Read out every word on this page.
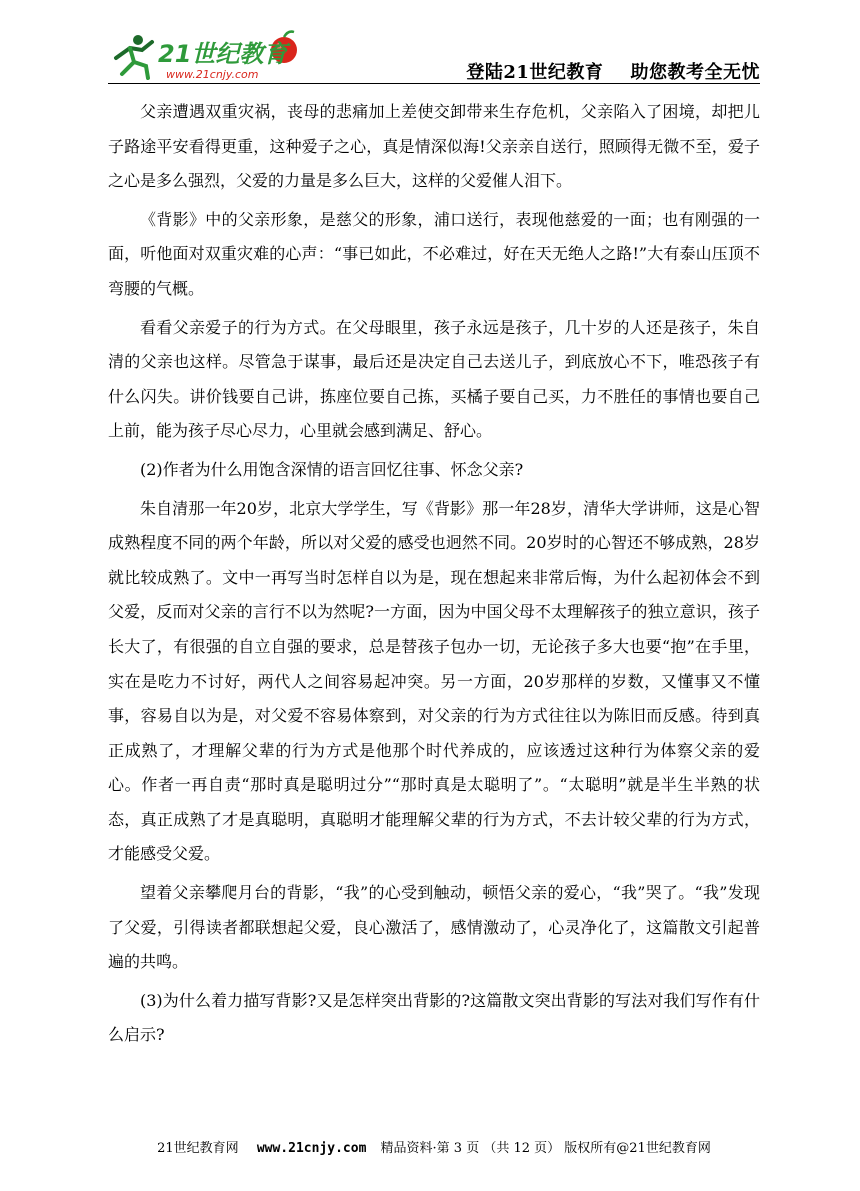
21世纪教育
www.21cnjy.com	登陆21世纪教育    助您教考全无忧

父亲遭遇双重灾祸，丧母的悲痛加上差使交卸带来生存危机，父亲陷入了困境，却把儿子路途平安看得更重，这种爱子之心，真是情深似海!父亲亲自送行，照顾得无微不至，爱子之心是多么强烈，父爱的力量是多么巨大，这样的父爱催人泪下。

《背影》中的父亲形象，是慈父的形象，浦口送行，表现他慈爱的一面；也有刚强的一面，听他面对双重灾难的心声：“事已如此，不必难过，好在天无绝人之路!”大有泰山压顶不弯腰的气概。

看看父亲爱子的行为方式。在父母眼里，孩子永远是孩子，几十岁的人还是孩子，朱自清的父亲也这样。尽管急于谋事，最后还是决定自己去送儿子，到底放心不下，唯恐孩子有什么闪失。讲价钱要自己讲，拣座位要自己拣，买橘子要自己买，力不胜任的事情也要自己上前，能为孩子尽心尽力，心里就会感到满足、舒心。

(2)作者为什么用饱含深情的语言回忆往事、怀念父亲?

朱自清那一年20岁，北京大学学生，写《背影》那一年28岁，清华大学讲师，这是心智成熟程度不同的两个年龄，所以对父爱的感受也迥然不同。20岁时的心智还不够成熟，28岁就比较成熟了。文中一再写当时怎样自以为是，现在想起来非常后悔，为什么起初体会不到父爱，反而对父亲的言行不以为然呢?一方面，因为中国父母不太理解孩子的独立意识，孩子长大了，有很强的自立自强的要求，总是替孩子包办一切，无论孩子多大也要“抱”在手里，实在是吃力不讨好，两代人之间容易起冲突。另一方面，20岁那样的岁数，又懂事又不懂事，容易自以为是，对父爱不容易体察到，对父亲的行为方式往往以为陈旧而反感。待到真正成熟了，才理解父辈的行为方式是他那个时代养成的，应该透过这种行为体察父亲的爱心。作者一再自责“那时真是聪明过分”“那时真是太聪明了”。“太聪明”就是半生半熟的状态，真正成熟了才是真聪明，真聪明才能理解父辈的行为方式，不去计较父辈的行为方式，才能感受父爱。

望着父亲攀爬月台的背影，“我”的心受到触动，顿悟父亲的爱心，“我”哭了。“我”发现了父爱，引得读者都联想起父爱，良心激活了，感情激动了，心灵净化了，这篇散文引起普遍的共鸣。

(3)为什么着力描写背影?又是怎样突出背影的?这篇散文突出背影的写法对我们写作有什么启示?

21世纪教育网 www.21cnjy.com 精品资料·第 3 页 （共 12 页） 版权所有@21世纪教育网
